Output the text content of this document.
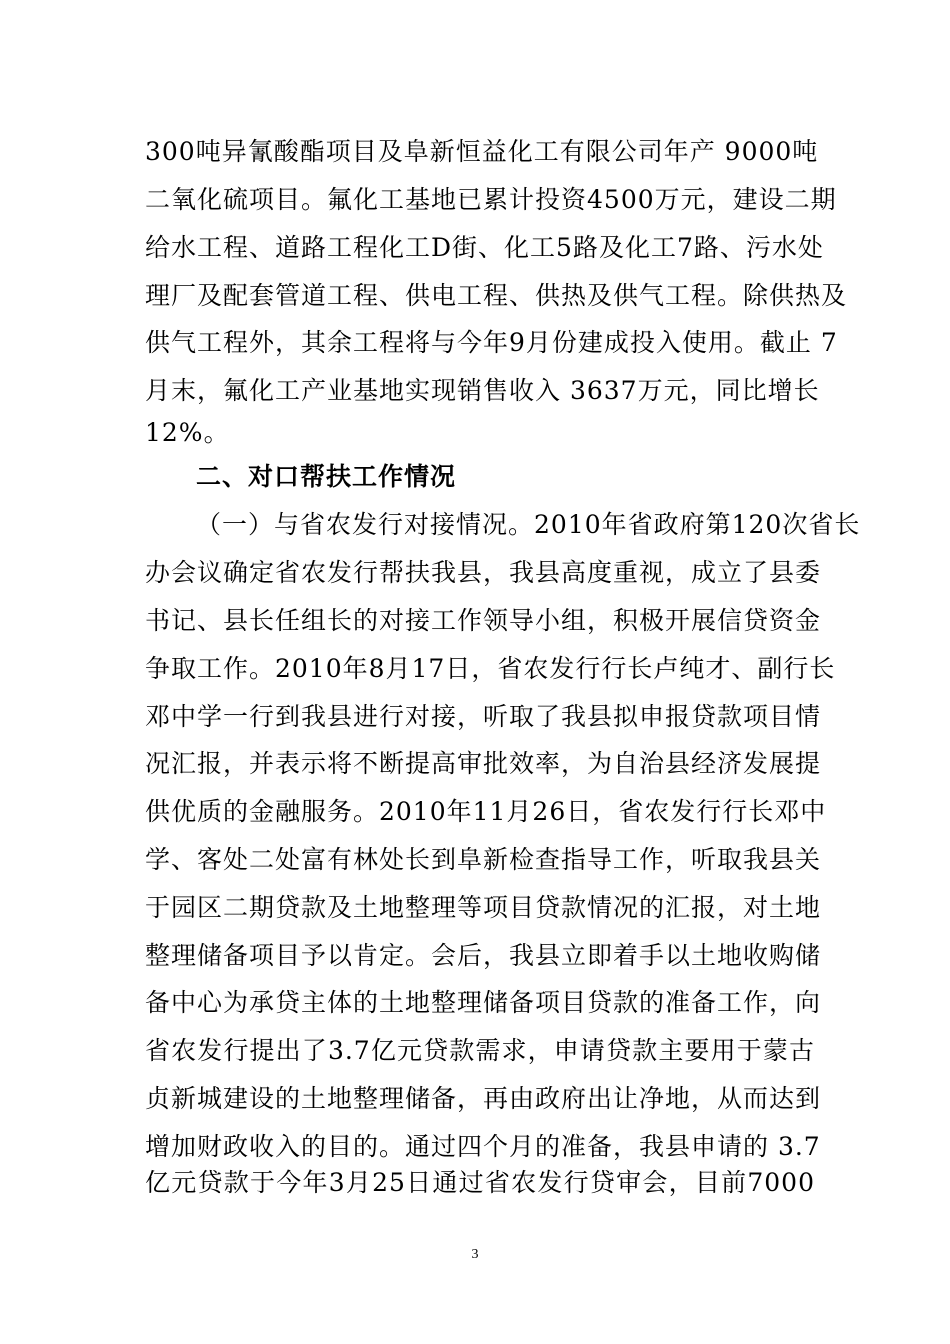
300吨异氰酸酯项目及阜新恒益化工有限公司年产 9000吨
二氧化硫项目。氟化工基地已累计投资4500万元，建设二期
给水工程、道路工程化工D街、化工5路及化工7路、污水处
理厂及配套管道工程、供电工程、供热及供气工程。除供热及
供气工程外，其余工程将与今年9月份建成投入使用。截止 7
月末，氟化工产业基地实现销售收入 3637万元，同比增长
12%。
二、对口帮扶工作情况
（一）与省农发行对接情况。2010年省政府第120次省长
办会议确定省农发行帮扶我县，我县高度重视，成立了县委
书记、县长任组长的对接工作领导小组，积极开展信贷资金
争取工作。2010年8月17日，省农发行行长卢纯才、副行长
邓中学一行到我县进行对接，听取了我县拟申报贷款项目情
况汇报，并表示将不断提高审批效率，为自治县经济发展提
供优质的金融服务。2010年11月26日，省农发行行长邓中
学、客处二处富有林处长到阜新检查指导工作，听取我县关
于园区二期贷款及土地整理等项目贷款情况的汇报，对土地
整理储备项目予以肯定。会后，我县立即着手以土地收购储
备中心为承贷主体的土地整理储备项目贷款的准备工作，向
省农发行提出了3.7亿元贷款需求，申请贷款主要用于蒙古
贞新城建设的土地整理储备，再由政府出让净地，从而达到
增加财政收入的目的。通过四个月的准备，我县申请的 3.7
亿元贷款于今年3月25日通过省农发行贷审会，目前7000
3
